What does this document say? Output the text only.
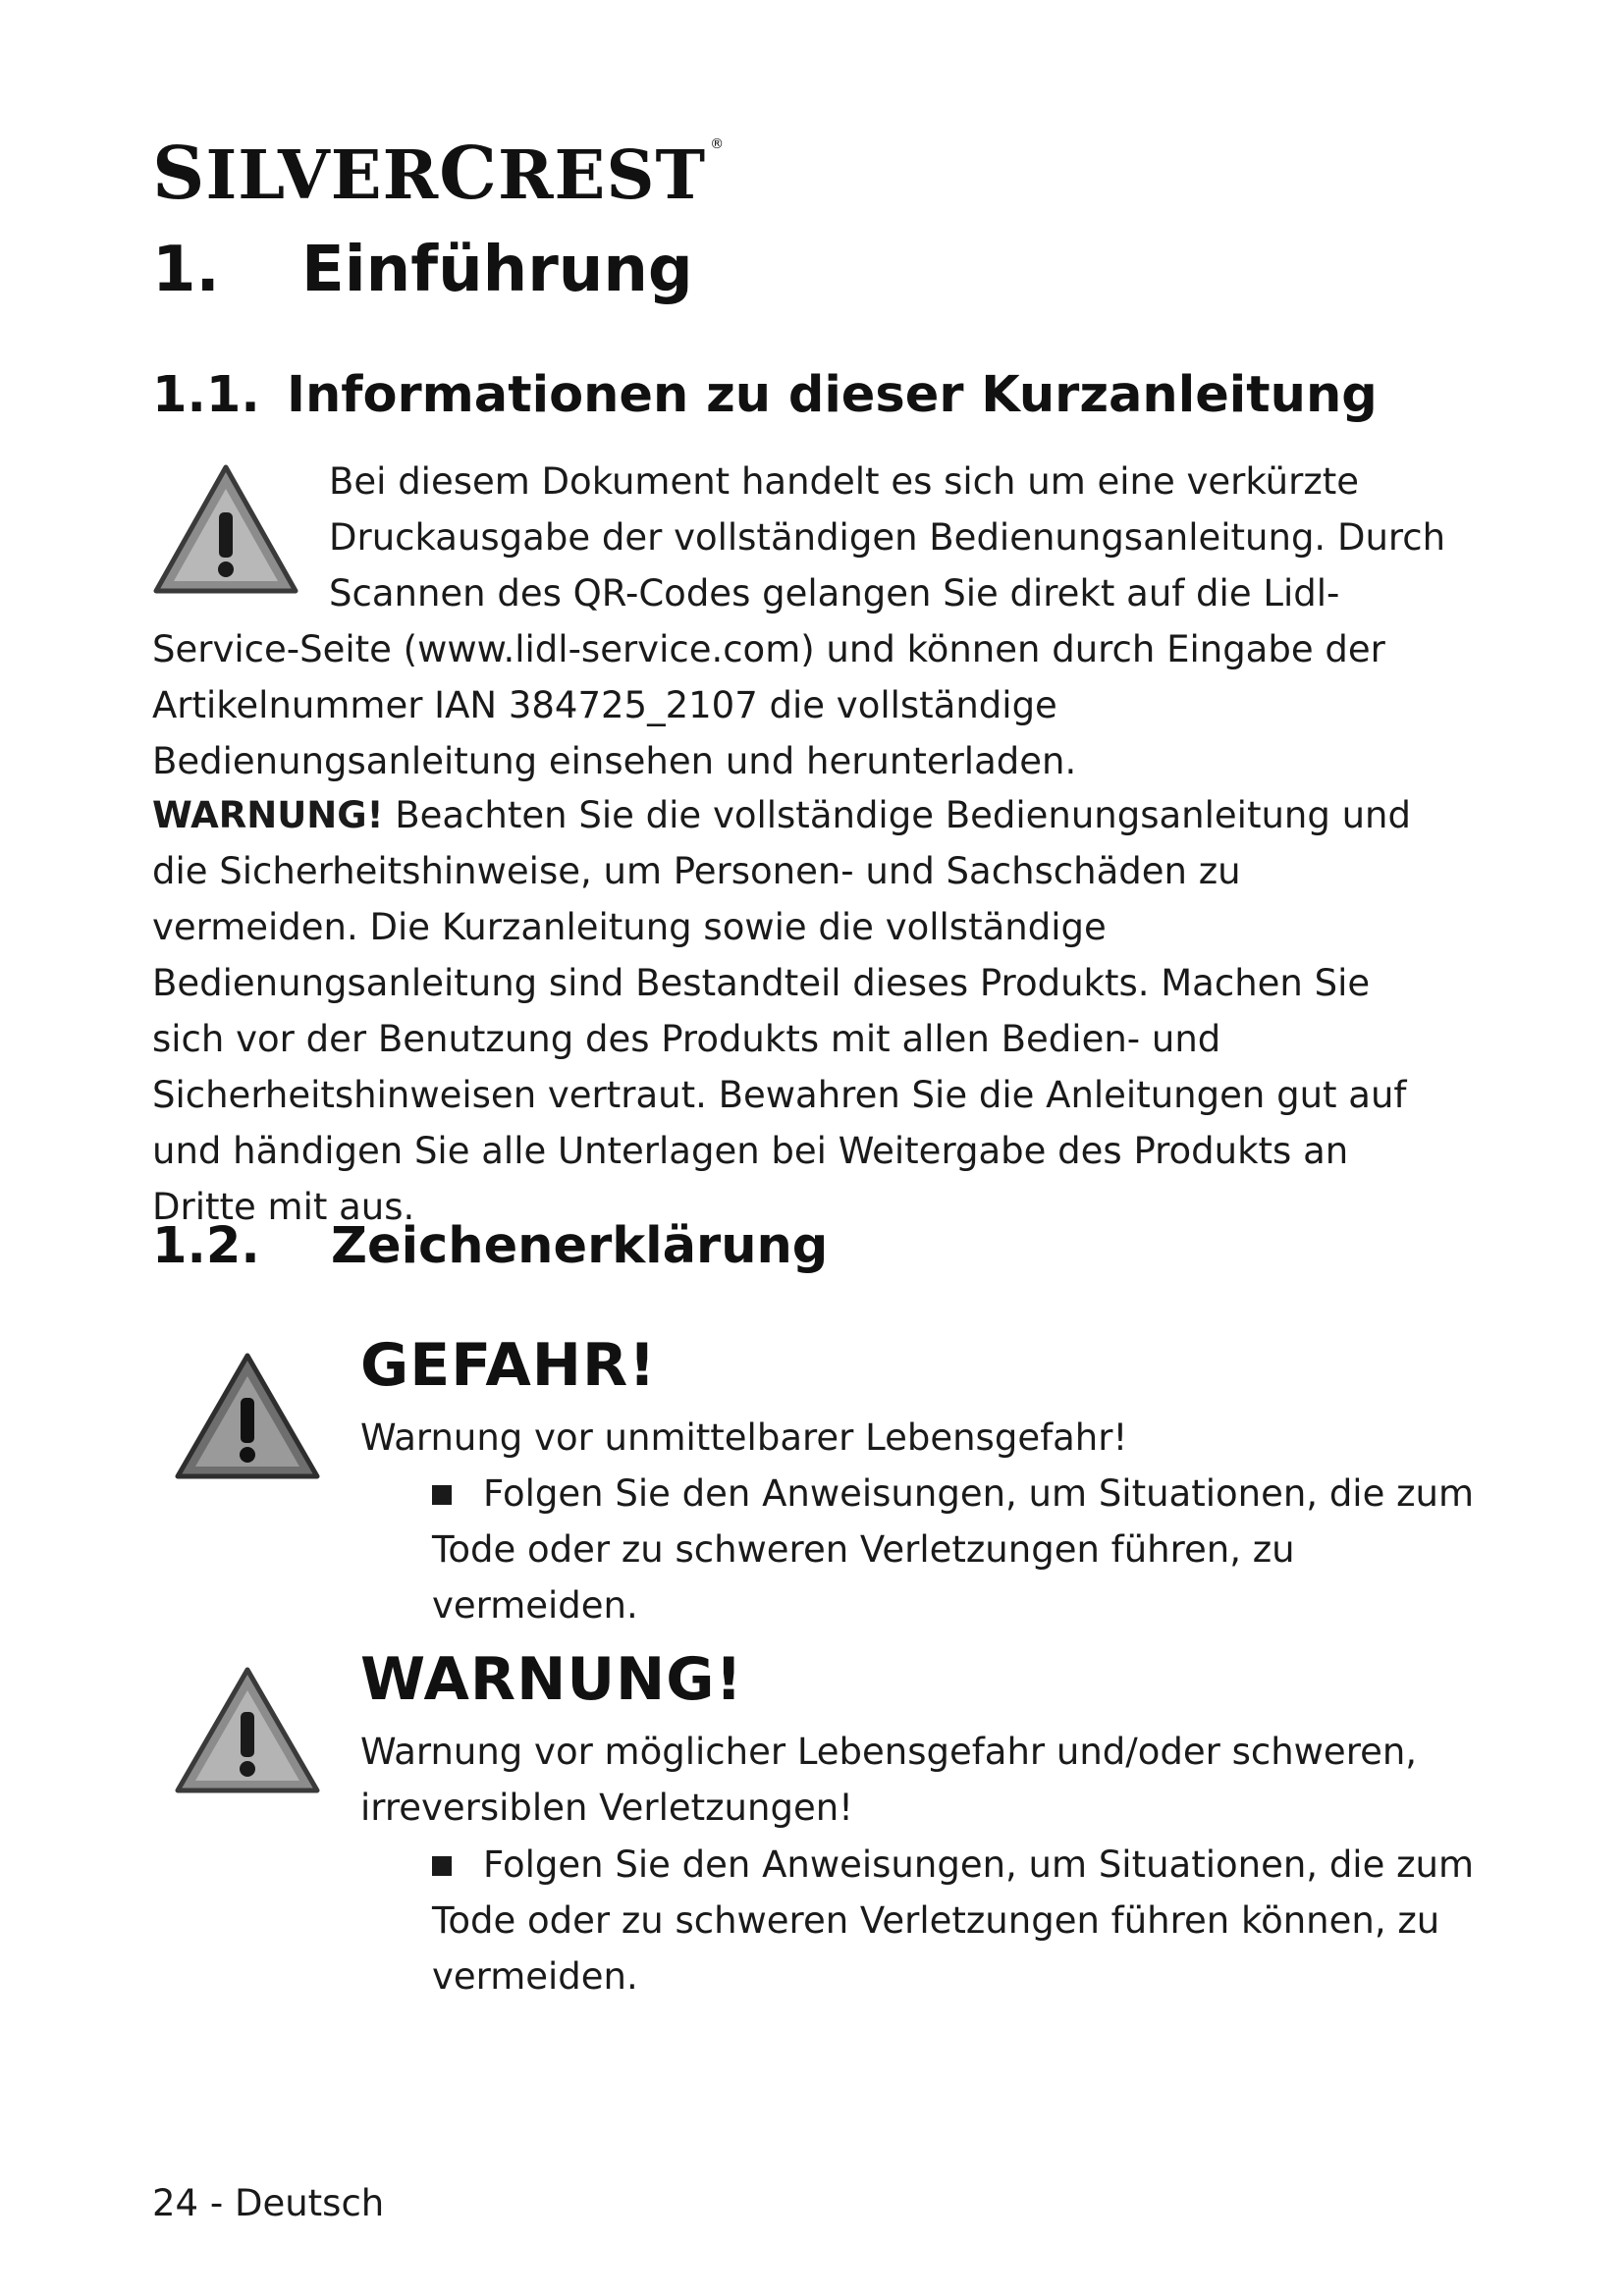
SILVERCREST ®
1. Einführung
1.1. Informationen zu dieser Kurzanleitung
Bei diesem Dokument handelt es sich um eine verkürzte Druckausgabe der vollständigen Bedienungsanleitung. Durch Scannen des QR-Codes gelangen Sie direkt auf die Lidl-Service-Seite (www.lidl-service.com) und können durch Eingabe der Artikelnummer IAN 384725_2107 die vollständige Bedienungsanleitung einsehen und herunterladen.
WARNUNG! Beachten Sie die vollständige Bedienungsanleitung und die Sicherheitshinweise, um Personen- und Sachschäden zu vermeiden. Die Kurzanleitung sowie die vollständige Bedienungsanleitung sind Bestandteil dieses Produkts. Machen Sie sich vor der Benutzung des Produkts mit allen Bedien- und Sicherheitshinweisen vertraut. Bewahren Sie die Anleitungen gut auf und händigen Sie alle Unterlagen bei Weitergabe des Produkts an Dritte mit aus.
1.2. Zeichenerklärung
GEFAHR!
Warnung vor unmittelbarer Lebensgefahr!
Folgen Sie den Anweisungen, um Situationen, die zum Tode oder zu schweren Verletzungen führen, zu vermeiden.
WARNUNG!
Warnung vor möglicher Lebensgefahr und/oder schweren, irreversiblen Verletzungen!
Folgen Sie den Anweisungen, um Situationen, die zum Tode oder zu schweren Verletzungen führen können, zu vermeiden.
24 - Deutsch
